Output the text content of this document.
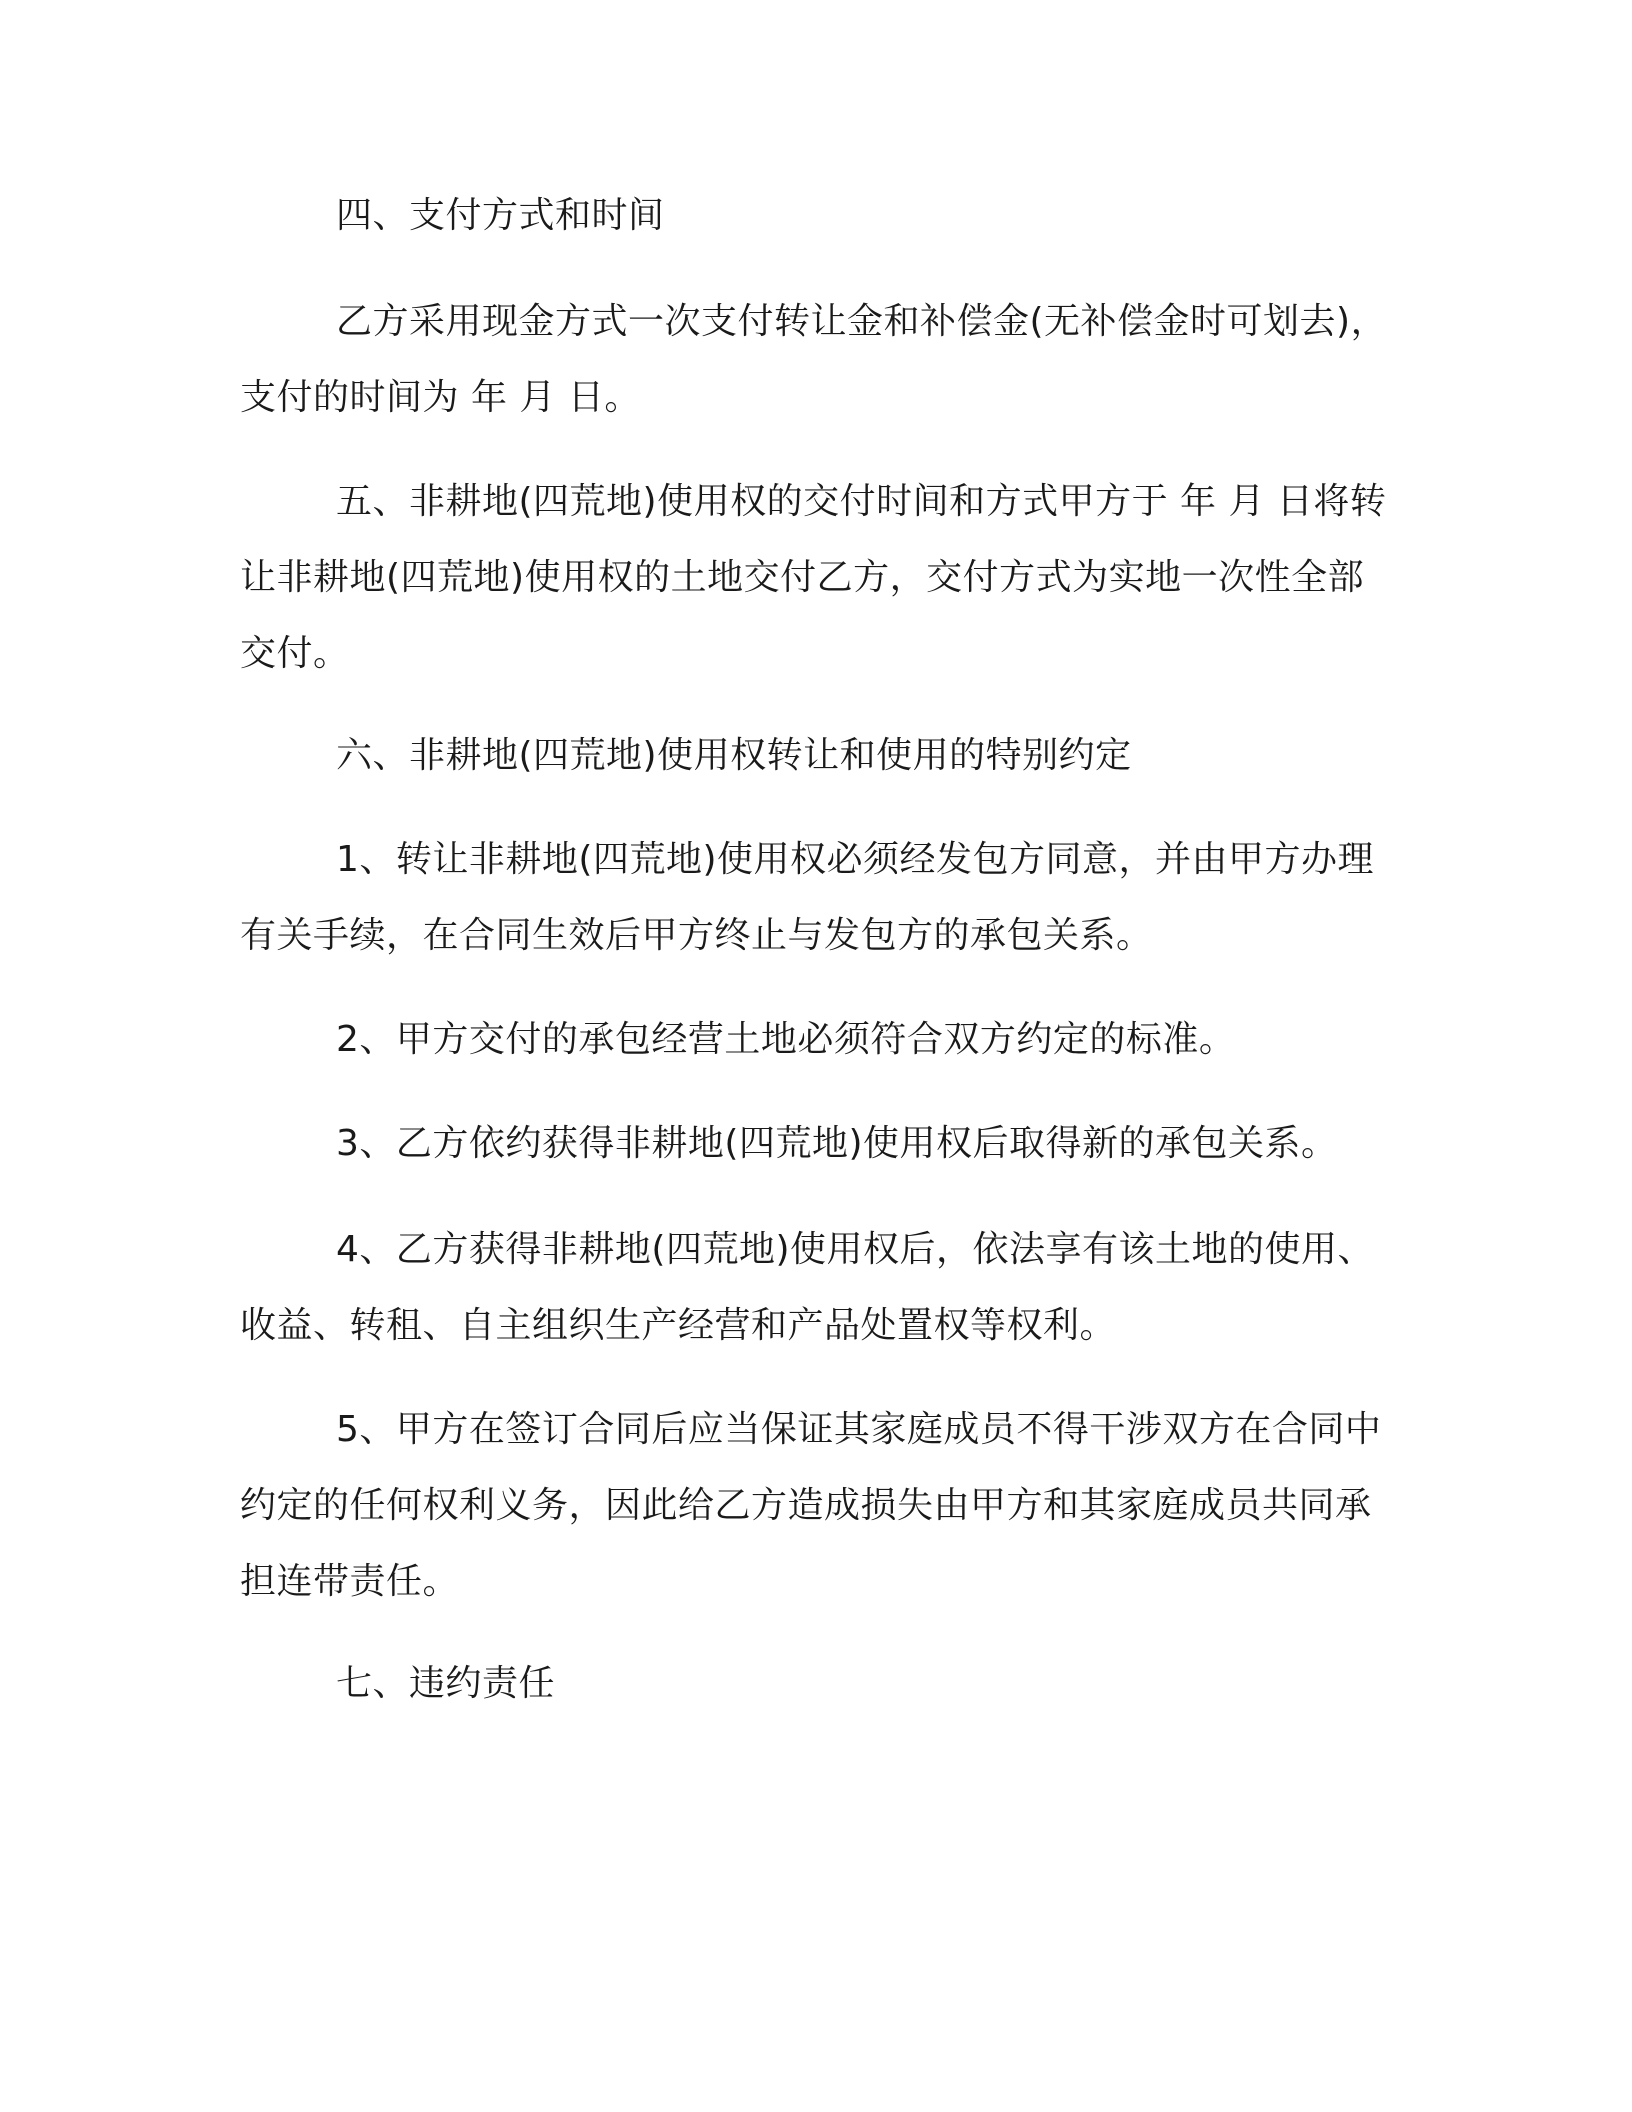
四、支付方式和时间

乙方采用现金方式一次支付转让金和补偿金(无补偿金时可划去)，支付的时间为 年 月 日。

五、非耕地(四荒地)使用权的交付时间和方式甲方于 年 月 日将转让非耕地(四荒地)使用权的土地交付乙方，交付方式为实地一次性全部交付。

六、非耕地(四荒地)使用权转让和使用的特别约定

1、转让非耕地(四荒地)使用权必须经发包方同意，并由甲方办理有关手续，在合同生效后甲方终止与发包方的承包关系。

2、甲方交付的承包经营土地必须符合双方约定的标准。

3、乙方依约获得非耕地(四荒地)使用权后取得新的承包关系。

4、乙方获得非耕地(四荒地)使用权后，依法享有该土地的使用、收益、转租、自主组织生产经营和产品处置权等权利。

5、甲方在签订合同后应当保证其家庭成员不得干涉双方在合同中约定的任何权利义务，因此给乙方造成损失由甲方和其家庭成员共同承担连带责任。

七、违约责任
